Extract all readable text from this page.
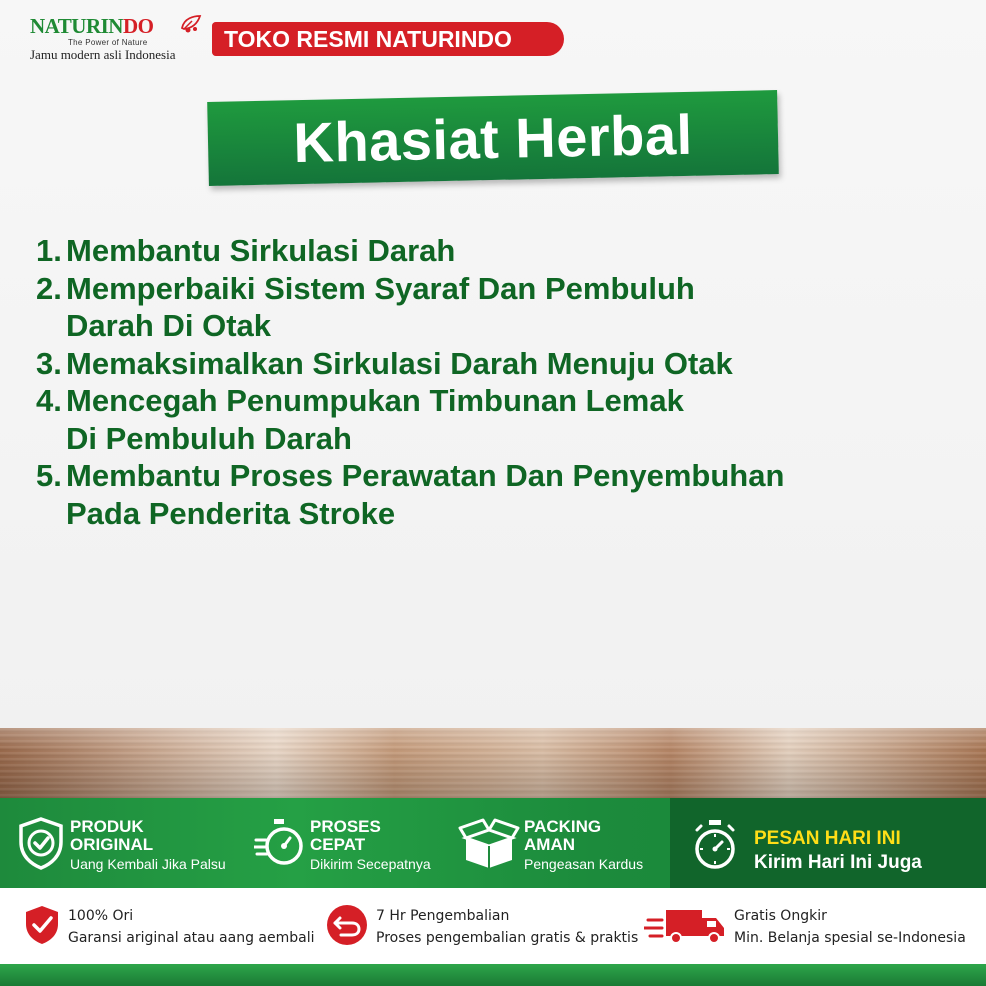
NATURINDO
The Power of Nature
Jamu modern asli Indonesia
TOKO RESMI NATURINDO
Khasiat Herbal
1. Membantu Sirkulasi Darah
2. Memperbaiki Sistem Syaraf Dan Pembuluh
Darah Di Otak
3. Memaksimalkan Sirkulasi Darah Menuju Otak
4. Mencegah Penumpukan Timbunan Lemak
Di Pembuluh Darah
5. Membantu Proses Perawatan Dan Penyembuhan
Pada Penderita Stroke
PRODUK
ORIGINAL
Uang Kembali Jika Palsu
PROSES
CEPAT
Dikirim Secepatnya
PACKING
AMAN
Pengeasan Kardus
PESAN HARI INI
Kirim Hari Ini Juga
100% Ori
Garansi ariginal atau aang aembali
7 Hr Pengembalian
Proses pengembalian gratis & praktis
Gratis Ongkir
Min. Belanja spesial se-Indonesia
